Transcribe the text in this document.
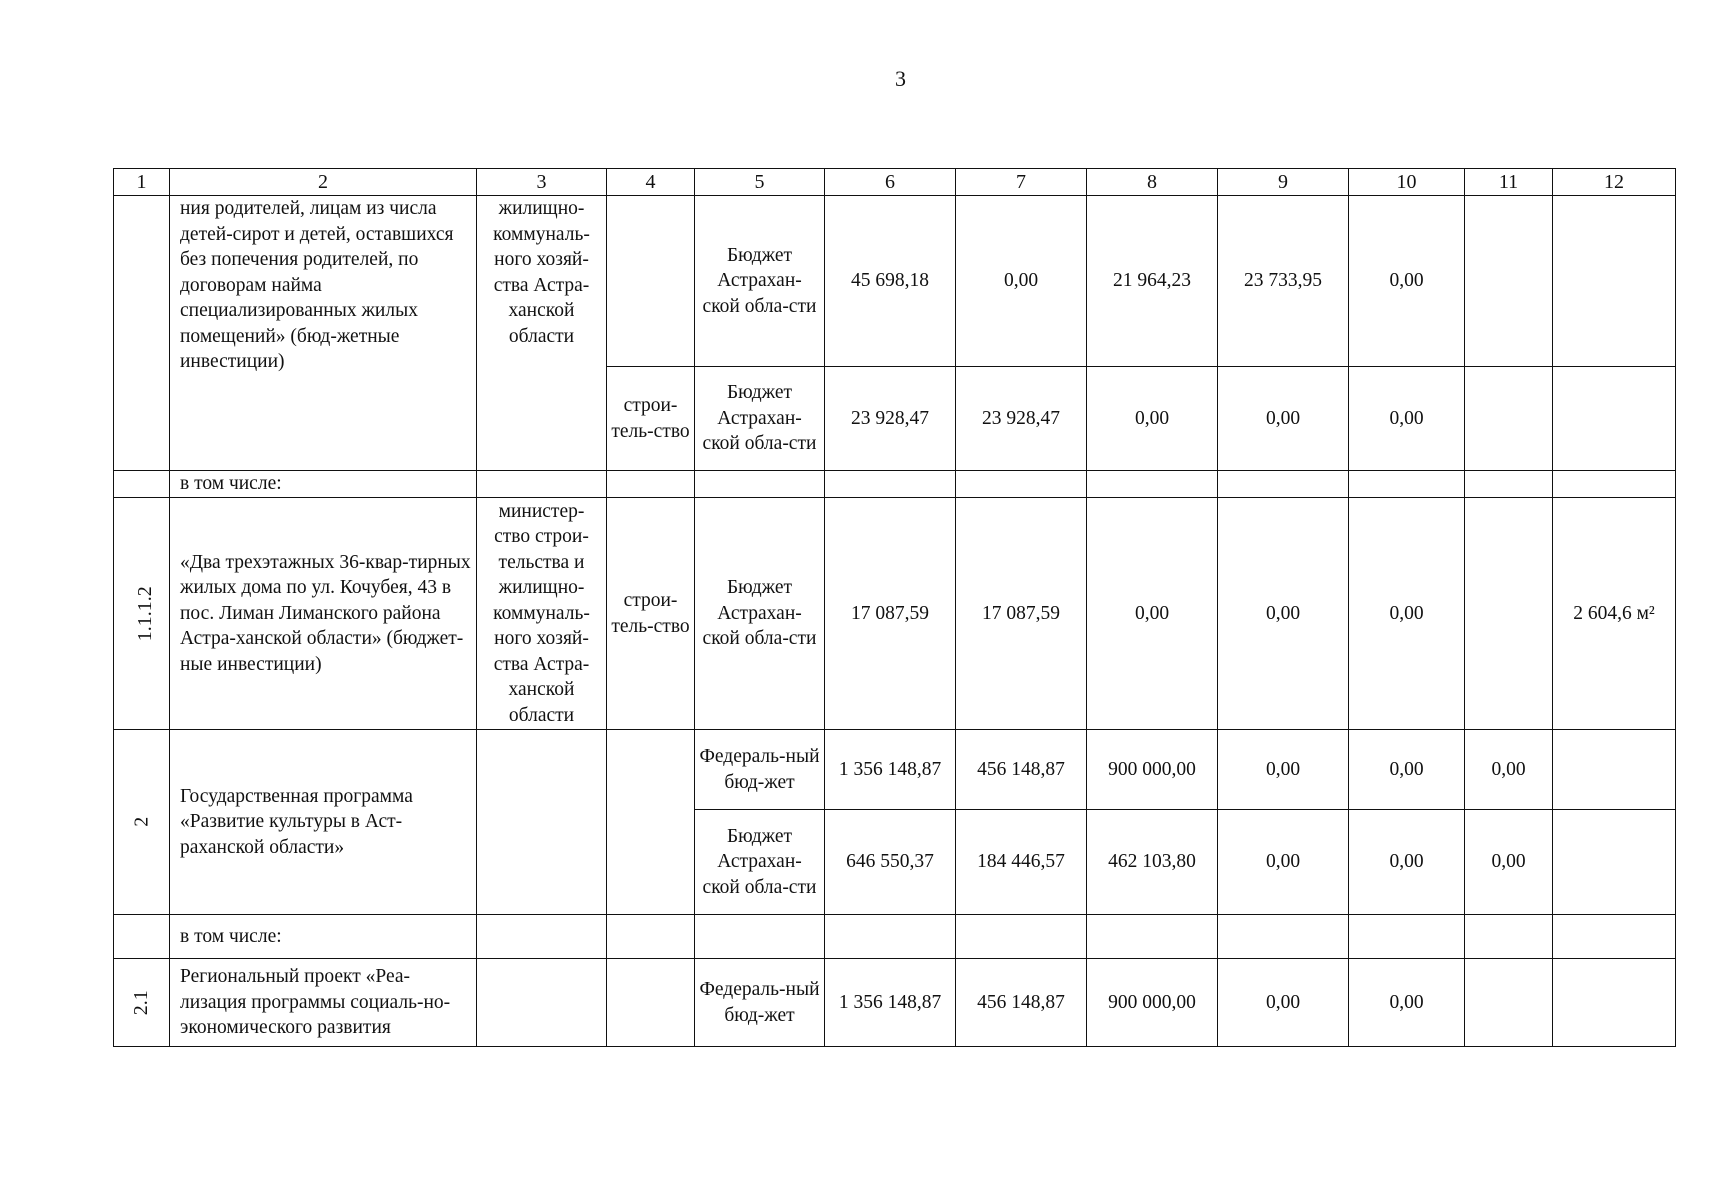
3
1	2	3	4	5	6	7	8	9	10	11	12
	ния родителей, лицам из числа детей-сирот и детей, оставшихся без попечения родителей, по договорам найма специализированных жилых помещений» (бюд-жетные инвестиции)	жилищно-коммуналь-ного хозяй-ства Астра-ханской области		Бюджет Астрахан-ской обла-сти	45 698,18	0,00	21 964,23	23 733,95	0,00		
			строи-тель-ство	Бюджет Астрахан-ской обла-сти	23 928,47	23 928,47	0,00	0,00	0,00		
	в том числе:										
1.1.1.2	«Два трехэтажных 36-квар-тирных жилых дома по ул. Кочубея, 43 в пос. Лиман Лиманского района Астра-ханской области» (бюджет-ные инвестиции)	министер-ство строи-тельства и жилищно-коммуналь-ного хозяй-ства Астра-ханской области	строи-тель-ство	Бюджет Астрахан-ской обла-сти	17 087,59	17 087,59	0,00	0,00	0,00		2 604,6 м²
2	Государственная программа «Развитие культуры в Аст-раханской области»			Федераль-ный бюд-жет	1 356 148,87	456 148,87	900 000,00	0,00	0,00	0,00	
				Бюджет Астрахан-ской обла-сти	646 550,37	184 446,57	462 103,80	0,00	0,00	0,00	
	в том числе:										
2.1	Региональный проект «Реа-лизация программы социаль-но-экономического развития			Федераль-ный бюд-жет	1 356 148,87	456 148,87	900 000,00	0,00	0,00		
